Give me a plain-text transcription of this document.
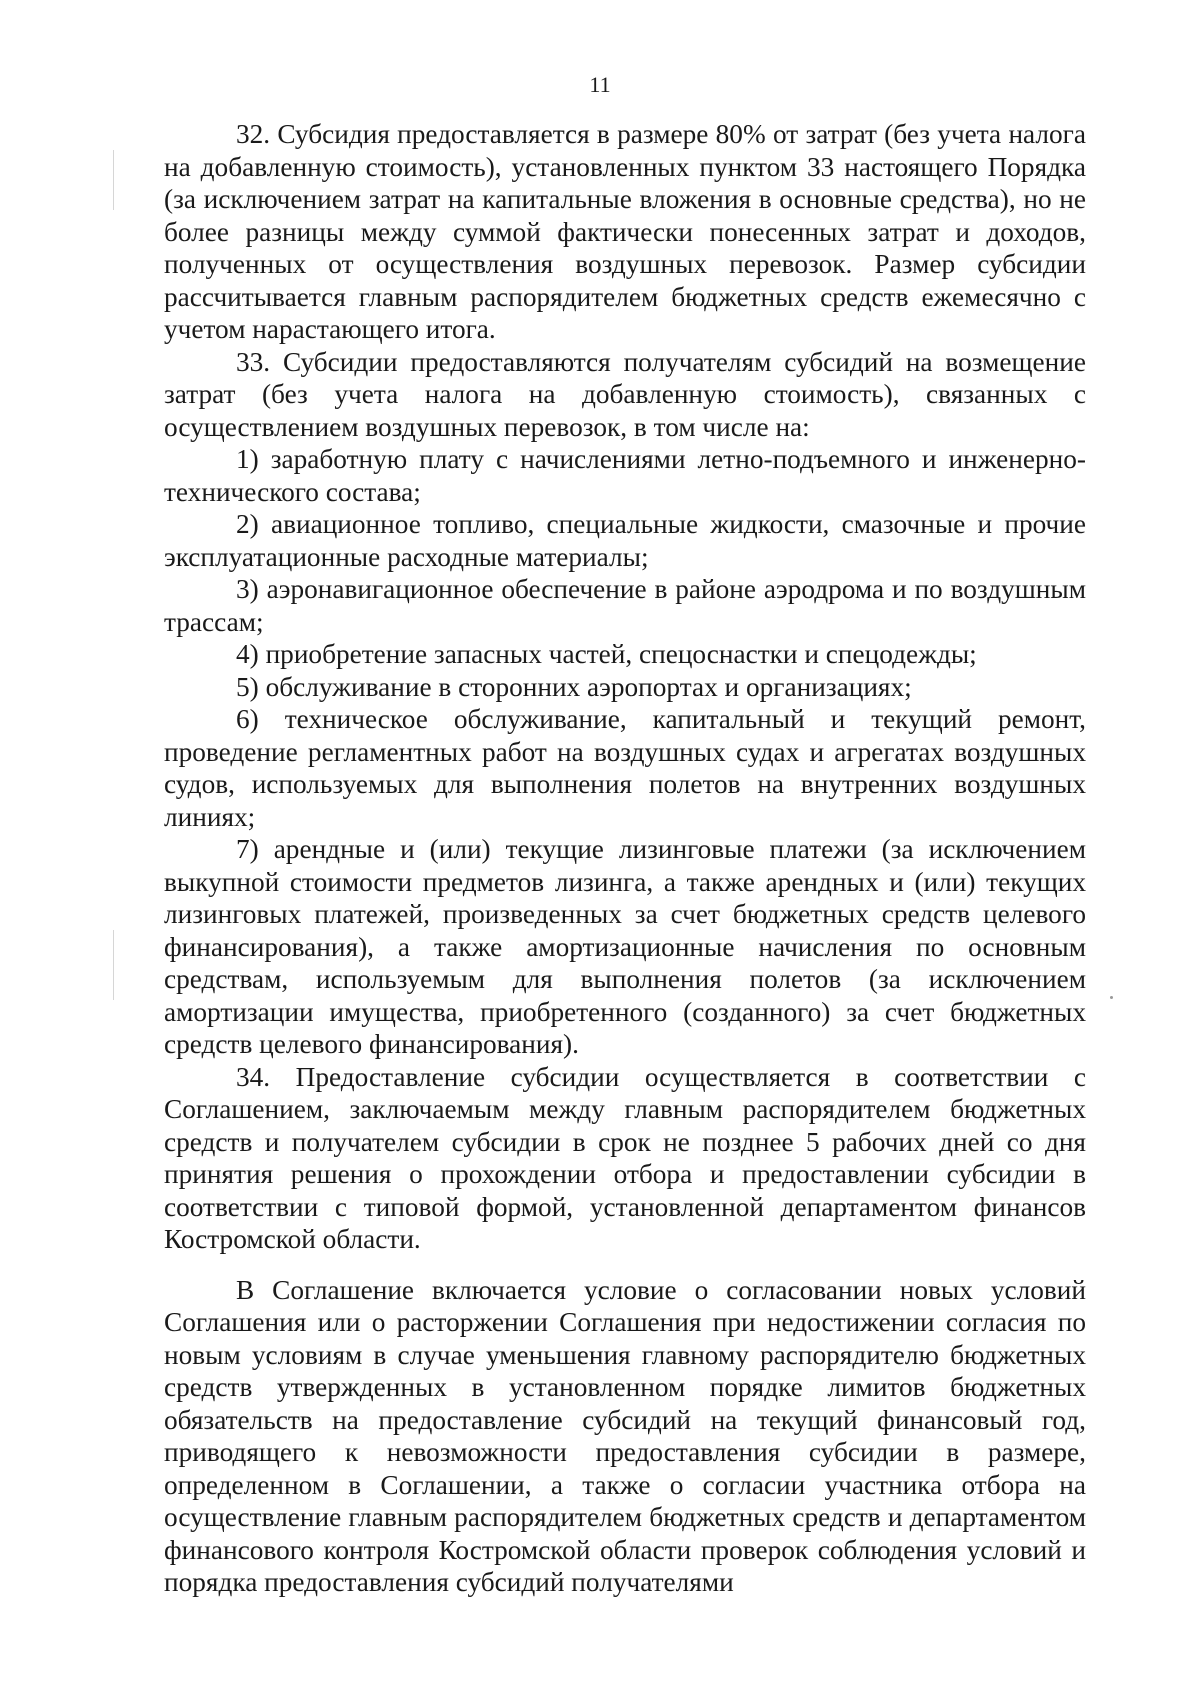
11

32. Субсидия предоставляется в размере 80% от затрат (без учета налога на добавленную стоимость), установленных пунктом 33 настоящего Порядка (за исключением затрат на капитальные вложения в основные средства), но не более разницы между суммой фактически понесенных затрат и доходов, полученных от осуществления воздушных перевозок. Размер субсидии рассчитывается главным распорядителем бюджетных средств ежемесячно с учетом нарастающего итога.

33. Субсидии предоставляются получателям субсидий на возмещение затрат (без учета налога на добавленную стоимость), связанных с осуществлением воздушных перевозок, в том числе на:

1) заработную плату с начислениями летно-подъемного и инженерно-технического состава;

2) авиационное топливо, специальные жидкости, смазочные и прочие эксплуатационные расходные материалы;

3) аэронавигационное обеспечение в районе аэродрома и по воздушным трассам;

4) приобретение запасных частей, спецоснастки и спецодежды;

5) обслуживание в сторонних аэропортах и организациях;

6) техническое обслуживание, капитальный и текущий ремонт, проведение регламентных работ на воздушных судах и агрегатах воздушных судов, используемых для выполнения полетов на внутренних воздушных линиях;

7) арендные и (или) текущие лизинговые платежи (за исключением выкупной стоимости предметов лизинга, а также арендных и (или) текущих лизинговых платежей, произведенных за счет бюджетных средств целевого финансирования), а также амортизационные начисления по основным средствам, используемым для выполнения полетов (за исключением амортизации имущества, приобретенного (созданного) за счет бюджетных средств целевого финансирования).

34. Предоставление субсидии осуществляется в соответствии с Соглашением, заключаемым между главным распорядителем бюджетных средств и получателем субсидии в срок не позднее 5 рабочих дней со дня принятия решения о прохождении отбора и предоставлении субсидии в соответствии с типовой формой, установленной департаментом финансов Костромской области.

В Соглашение включается условие о согласовании новых условий Соглашения или о расторжении Соглашения при недостижении согласия по новым условиям в случае уменьшения главному распорядителю бюджетных средств утвержденных в установленном порядке лимитов бюджетных обязательств на предоставление субсидий на текущий финансовый год, приводящего к невозможности предоставления субсидии в размере, определенном в Соглашении, а также о согласии участника отбора на осуществление главным распорядителем бюджетных средств и департаментом финансового контроля Костромской области проверок соблюдения условий и порядка предоставления субсидий получателями
